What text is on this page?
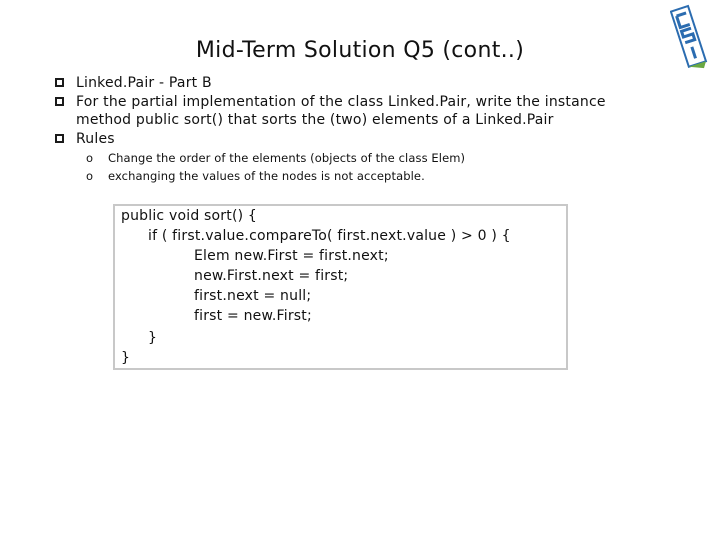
Mid-Term Solution Q5 (cont..)
Linked.Pair - Part B
For the partial implementation of the class Linked.Pair, write the instance method public sort() that sorts the (two) elements of a Linked.Pair
Rules
o Change the order of the elements (objects of the class Elem)
o exchanging the values of the nodes is not acceptable.
public void sort() {
if ( first.value.compareTo( first.next.value ) > 0 ) {
Elem new.First = first.next;
new.First.next = first;
first.next = null;
first = new.First;
}
}
